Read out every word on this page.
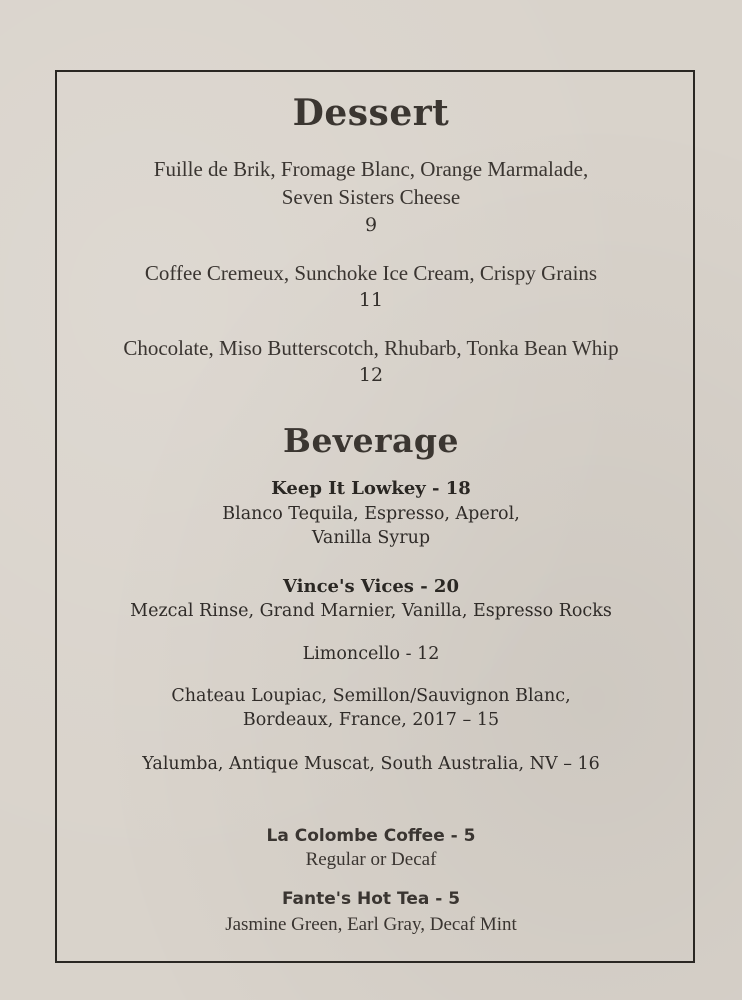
Dessert
Fuille de Brik, Fromage Blanc, Orange Marmalade,
Seven Sisters Cheese
9
Coffee Cremeux, Sunchoke Ice Cream, Crispy Grains
11
Chocolate, Miso Butterscotch, Rhubarb, Tonka Bean Whip
12
Beverage
Keep It Lowkey - 18
Blanco Tequila, Espresso, Aperol,
Vanilla Syrup
Vince's Vices - 20
Mezcal Rinse, Grand Marnier, Vanilla, Espresso Rocks
Limoncello - 12
Chateau Loupiac, Semillon/Sauvignon Blanc,
Bordeaux, France, 2017 – 15
Yalumba, Antique Muscat, South Australia, NV – 16
La Colombe Coffee - 5
Regular or Decaf
Fante's Hot Tea - 5
Jasmine Green, Earl Gray, Decaf Mint
